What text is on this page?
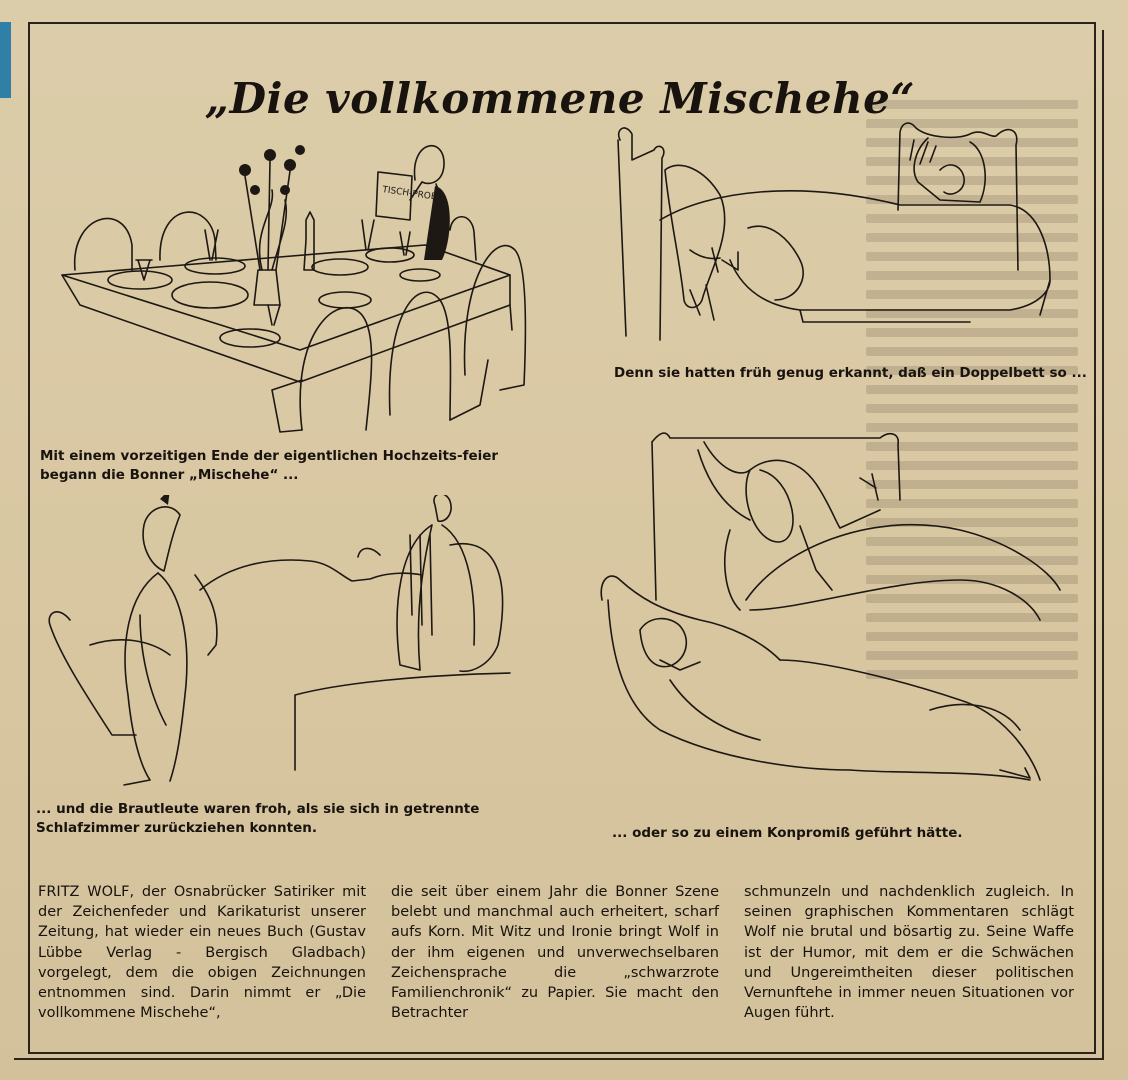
„Die vollkommene Mischehe“
TISCH-PROB
Denn sie hatten früh genug erkannt, daß ein Doppelbett so ...
Mit einem vorzeitigen Ende der eigentlichen Hochzeits-feier begann die Bonner „Mischehe“ ...
... und die Brautleute waren froh, als sie sich in getrennte Schlafzimmer zurückziehen konnten.	... oder so zu einem Konpromiß geführt hätte.
FRITZ WOLF, der Osnabrücker Satiriker mit der Zeichenfeder und Karikaturist unserer Zeitung, hat wieder ein neues Buch (Gustav Lübbe Verlag - Bergisch Gladbach) vorgelegt, dem die obigen Zeichnungen entnommen sind. Darin nimmt er „Die vollkommene Mischehe“,
die seit über einem Jahr die Bonner Szene belebt und manchmal auch erheitert, scharf aufs Korn. Mit Witz und Ironie bringt Wolf in der ihm eigenen und unverwechselbaren Zeichensprache die „schwarzrote Familienchronik“ zu Papier. Sie macht den Betrachter
schmunzeln und nachdenklich zugleich. In seinen graphischen Kommentaren schlägt Wolf nie brutal und bösartig zu. Seine Waffe ist der Humor, mit dem er die Schwächen und Ungereimtheiten dieser politischen Vernunftehe in immer neuen Situationen vor Augen führt.
